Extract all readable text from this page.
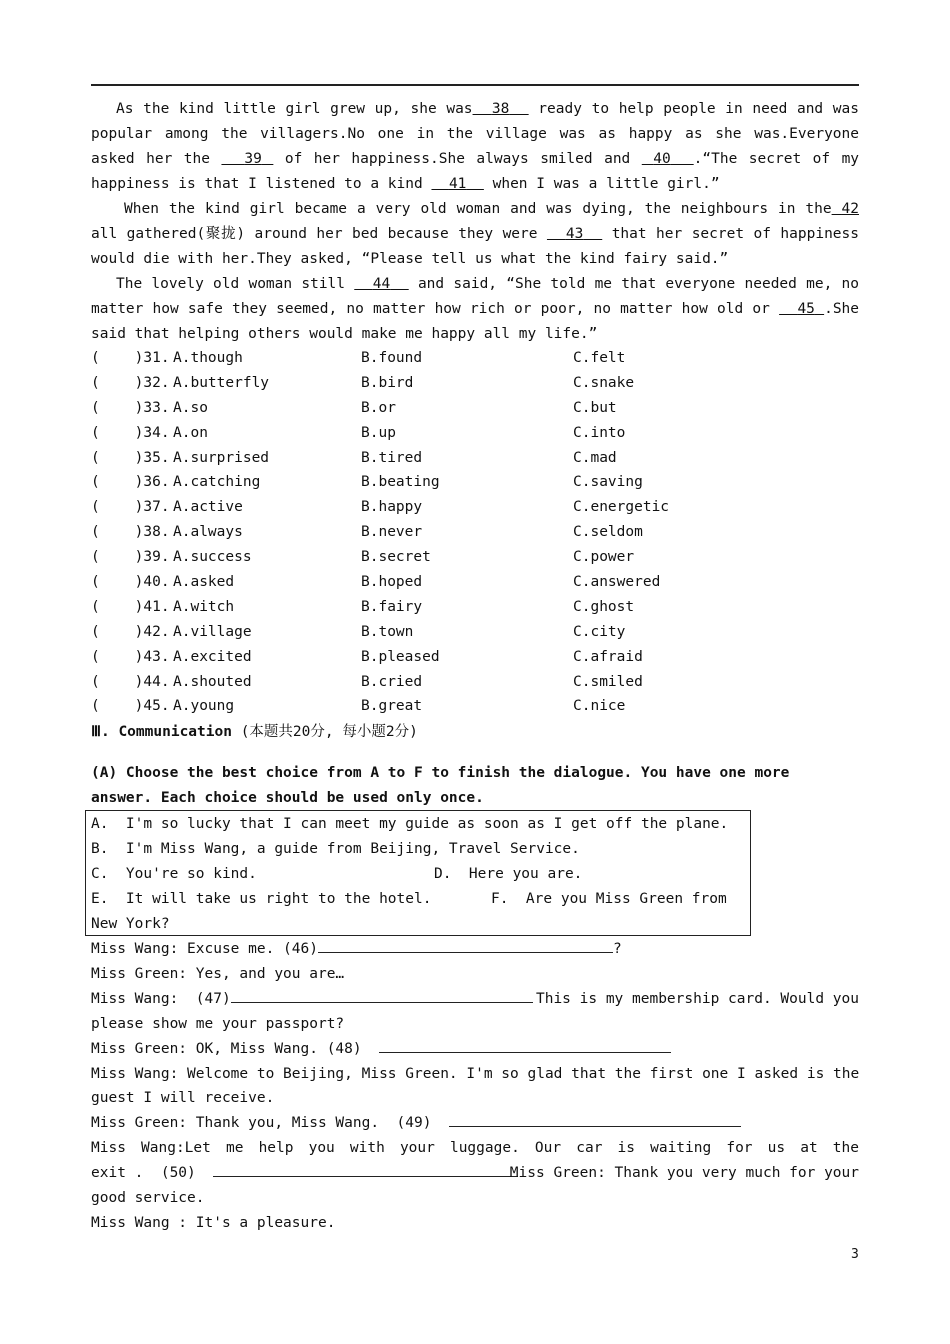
As the kind little girl grew up, she was 38 ready to help people in need and was popular among the villagers.No one in the village was as happy as she was.Everyone asked her the 39 of her happiness.She always smiled and 40 .“The secret of my happiness is that I listened to a kind 41 when I was a little girl.”
When the kind girl became a very old woman and was dying, the neighbours in the 42 all gathered(聚拢) around her bed because they were 43 that her secret of happiness would die with her.They asked, “Please tell us what the kind fairy said.”
The lovely old woman still 44 and said, “She told me that everyone needed me, no matter how safe they seemed, no matter how rich or poor, no matter how old or 45 .She said that helping others would make me happy all my life.”
(    )31. A.though	B.found	C.felt
(    )32. A.butterfly	B.bird	C.snake
(    )33. A.so	B.or	C.but
(    )34. A.on	B.up	C.into
(    )35. A.surprised	B.tired	C.mad
(    )36. A.catching	B.beating	C.saving
(    )37. A.active	B.happy	C.energetic
(    )38. A.always	B.never	C.seldom
(    )39. A.success	B.secret	C.power
(    )40. A.asked	B.hoped	C.answered
(    )41. A.witch	B.fairy	C.ghost
(    )42. A.village	B.town	C.city
(    )43. A.excited	B.pleased	C.afraid
(    )44. A.shouted	B.cried	C.smiled
(    )45. A.young	B.great	C.nice
Ⅲ. Communication (本题共20分, 每小题2分)
(A) Choose the best choice from A to F to finish the dialogue. You have one more answer. Each choice should be used only once.
A.  I'm so lucky that I can meet my guide as soon as I get off the plane.
B.  I'm Miss Wang, a guide from Beijing, Travel Service.
C.  You're so kind.	D.  Here you are.
E.  It will take us right to the hotel.	F.  Are you Miss Green from
New York?
Miss Wang: Excuse me. (46)	?
Miss Green: Yes, and you are…
Miss Wang:  (47)	This is my membership card. Would you
please show me your passport?
Miss Green: OK, Miss Wang. (48)
Miss Wang: Welcome to Beijing, Miss Green. I'm so glad that the first one I asked is the
guest I will receive.
Miss Green: Thank you, Miss Wang.  (49)
Miss Wang:Let me help you with your luggage. Our car is waiting for us at the
exit .  (50)	Miss Green: Thank you very much for your
good service.
Miss Wang : It's a pleasure.
3
